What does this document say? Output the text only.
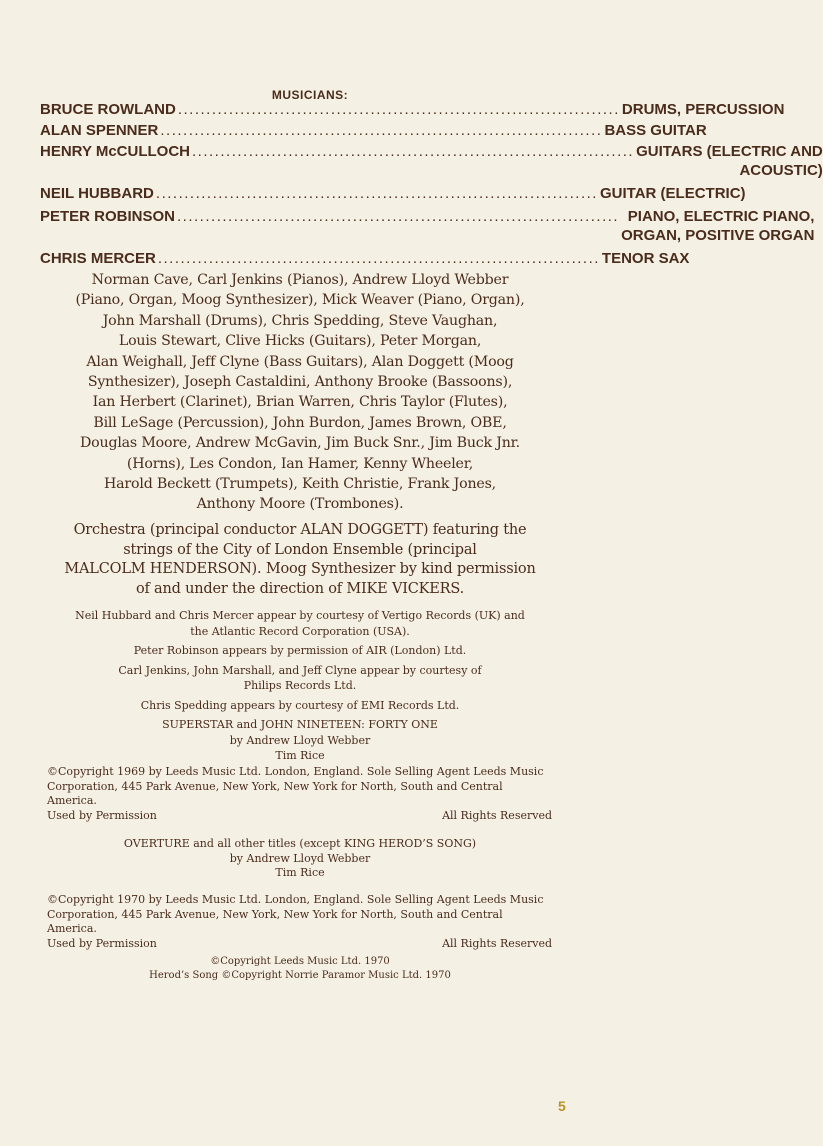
MUSICIANS:
BRUCE ROWLAND .............................................................................. DRUMS, PERCUSSION
ALAN SPENNER .............................................................................. BASS GUITAR
HENRY McCULLOCH .............................................................................. GUITARS (ELECTRIC AND
ACOUSTIC)
NEIL HUBBARD .............................................................................. GUITAR (ELECTRIC)
PETER ROBINSON .............................................................................. PIANO, ELECTRIC PIANO,
ORGAN, POSITIVE ORGAN
CHRIS MERCER .............................................................................. TENOR SAX
Norman Cave, Carl Jenkins (Pianos), Andrew Lloyd Webber
(Piano, Organ, Moog Synthesizer), Mick Weaver (Piano, Organ),
John Marshall (Drums), Chris Spedding, Steve Vaughan,
Louis Stewart, Clive Hicks (Guitars), Peter Morgan,
Alan Weighall, Jeff Clyne (Bass Guitars), Alan Doggett (Moog
Synthesizer), Joseph Castaldini, Anthony Brooke (Bassoons),
Ian Herbert (Clarinet), Brian Warren, Chris Taylor (Flutes),
Bill LeSage (Percussion), John Burdon, James Brown, OBE,
Douglas Moore, Andrew McGavin, Jim Buck Snr., Jim Buck Jnr.
(Horns), Les Condon, Ian Hamer, Kenny Wheeler,
Harold Beckett (Trumpets), Keith Christie, Frank Jones,
Anthony Moore (Trombones).
Orchestra (principal conductor ALAN DOGGETT) featuring the
strings of the City of London Ensemble (principal
MALCOLM HENDERSON). Moog Synthesizer by kind permission
of and under the direction of MIKE VICKERS.
Neil Hubbard and Chris Mercer appear by courtesy of Vertigo Records (UK) and
the Atlantic Record Corporation (USA).
Peter Robinson appears by permission of AIR (London) Ltd.
Carl Jenkins, John Marshall, and Jeff Clyne appear by courtesy of
Philips Records Ltd.
Chris Spedding appears by courtesy of EMI Records Ltd.
SUPERSTAR and JOHN NINETEEN: FORTY ONE
by Andrew Lloyd Webber
Tim Rice
©Copyright 1969 by Leeds Music Ltd. London, England. Sole Selling Agent Leeds Music Corporation, 445 Park Avenue, New York, New York for North, South and Central America.
Used by Permission	All Rights Reserved
OVERTURE and all other titles (except KING HEROD’S SONG)
by Andrew Lloyd Webber
Tim Rice
©Copyright 1970 by Leeds Music Ltd. London, England. Sole Selling Agent Leeds Music Corporation, 445 Park Avenue, New York, New York for North, South and Central America.
Used by Permission	All Rights Reserved
©Copyright Leeds Music Ltd. 1970
Herod’s Song ©Copyright Norrie Paramor Music Ltd. 1970
5
